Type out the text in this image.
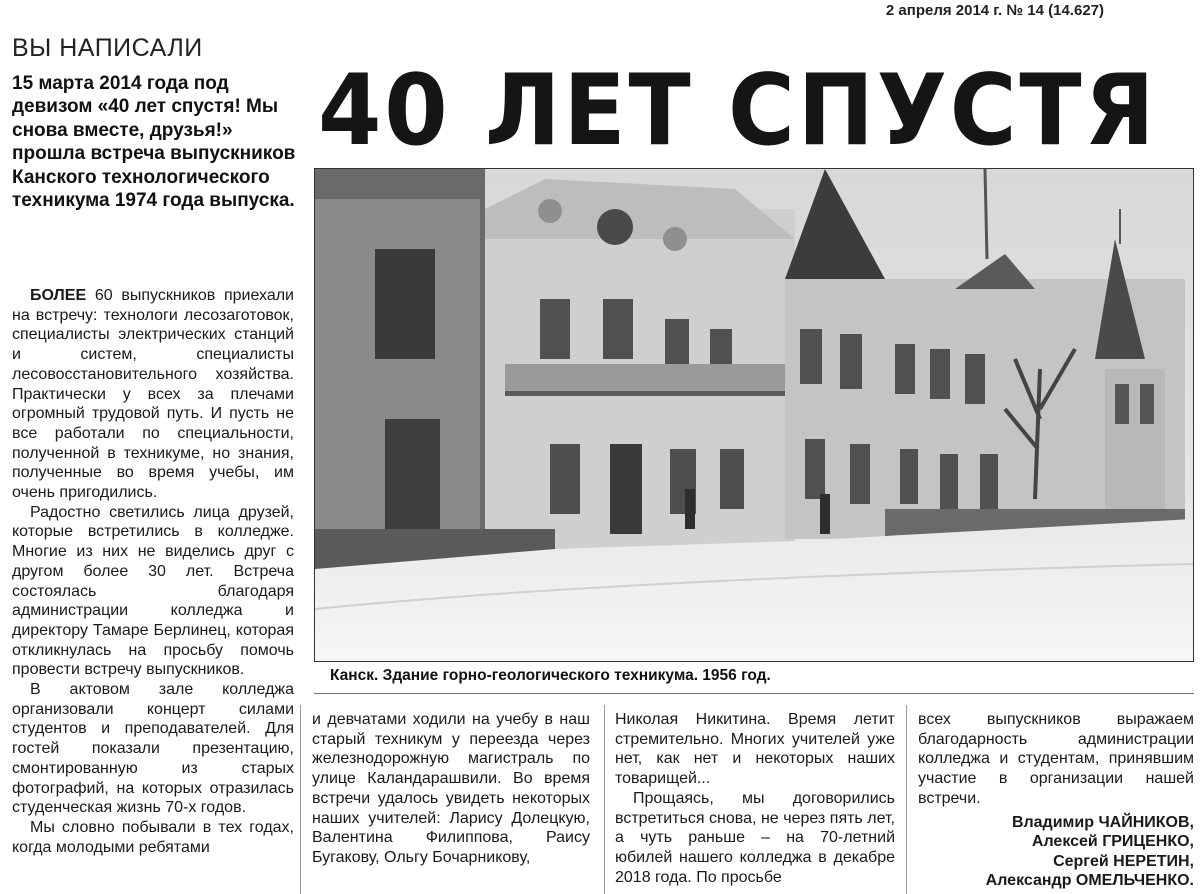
2 апреля 2014 г. № 14 (14.627)
ВЫ НАПИСАЛИ
15 марта 2014 года под девизом «40 лет спустя! Мы снова вместе, друзья!» прошла встреча выпускников Канского технологического техникума 1974 года выпуска.
40 ЛЕТ СПУСТЯ
Канск. Здание горно-геологического техникума. 1956 год.

БОЛЕЕ 60 выпускников приехали на встречу: технологи лесозаготовок, специалисты электрических станций и систем, специалисты лесовосстановительного хозяйства. Практически у всех за плечами огромный трудовой путь. И пусть не все работали по специальности, полученной в техникуме, но знания, полученные во время учебы, им очень пригодились.

Радостно светились лица друзей, которые встретились в колледже. Многие из них не виделись друг с другом более 30 лет. Встреча состоялась благодаря администрации колледжа и директору Тамаре Берлинец, которая откликнулась на просьбу помочь провести встречу выпускников.

В актовом зале колледжа организовали концерт силами студентов и преподавателей. Для гостей показали презентацию, смонтированную из старых фотографий, на которых отразилась студенческая жизнь 70-х годов.

Мы словно побывали в тех годах, когда молодыми ребятами

и девчатами ходили на учебу в наш старый техникум у переезда через железнодорожную магистраль по улице Каландарашвили. Во время встречи удалось увидеть некоторых наших учителей: Ларису Долецкую, Валентина Филиппова, Раису Бугакову, Ольгу Бочарникову,

Николая Никитина. Время летит стремительно. Многих учителей уже нет, как нет и некоторых наших товарищей...

Прощаясь, мы договорились встретиться снова, не через пять лет, а чуть раньше – на 70-летний юбилей нашего колледжа в декабре 2018 года. По просьбе

всех выпускников выражаем благодарность администрации колледжа и студентам, принявшим участие в организации нашей встречи.

Владимир ЧАЙНИКОВ,
Алексей ГРИЦЕНКО,
Сергей НЕРЕТИН,
Александр ОМЕЛЬЧЕНКО.
